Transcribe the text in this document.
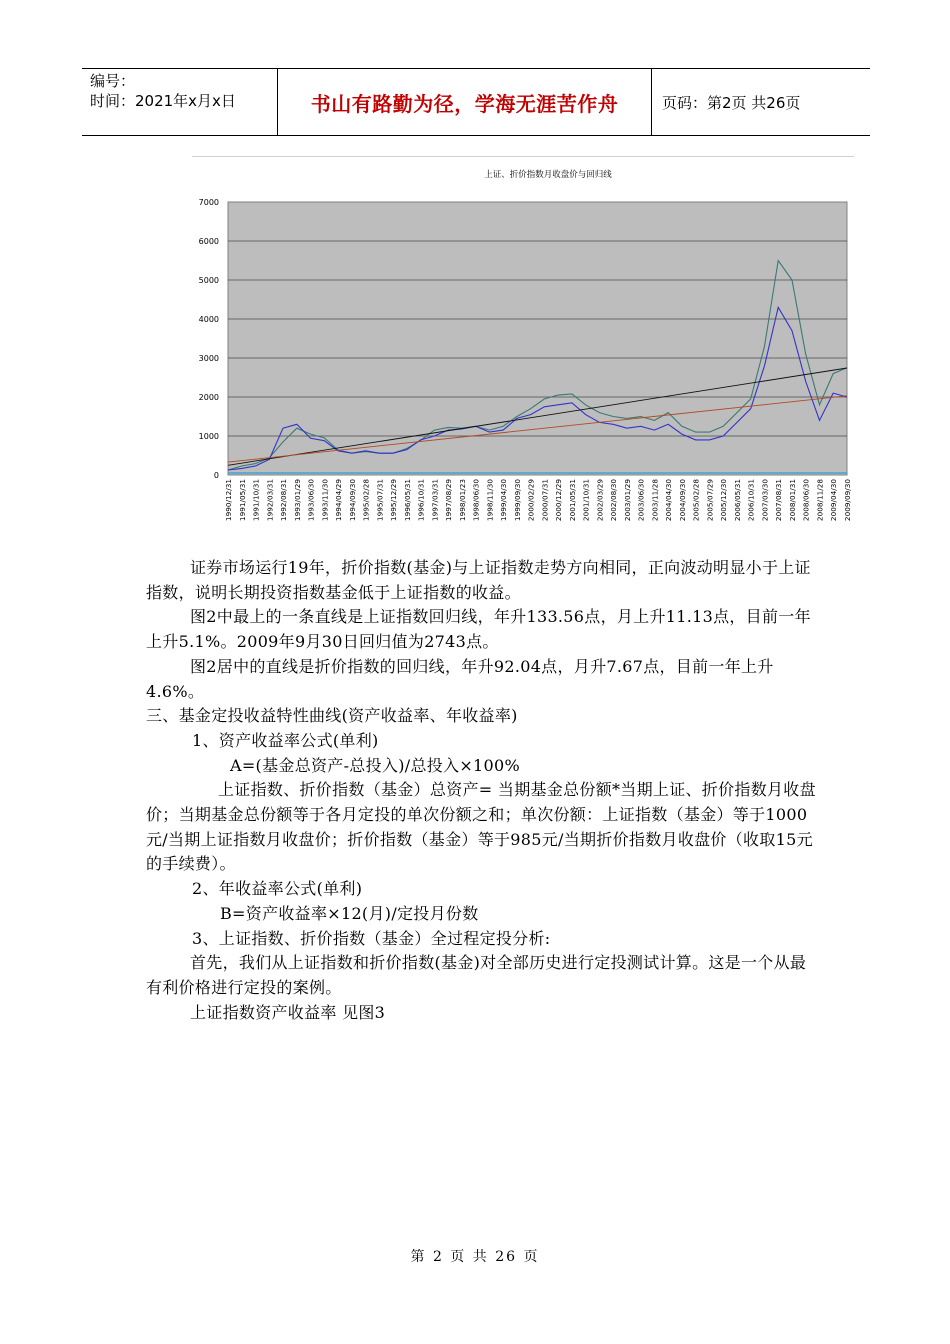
编号：
时间：2021年x月x日	书山有路勤为径，学海无涯苦作舟	页码：第2页 共26页
上证、折价指数月收盘价与回归线
0
1000
2000
3000
4000
5000
6000
7000
1990/12/31 1991/05/31 1991/10/31 1992/03/31 1992/08/31 1993/01/29 1993/06/30 1993/11/30 1994/04/29 1994/09/30 1995/02/28 1995/07/31 1995/12/29 1996/05/31 1996/10/31 1997/03/31 1997/08/29 1998/01/23 1998/06/30 1998/11/30 1999/04/30 1999/09/30 2000/02/29 2000/07/31 2000/12/29 2001/05/31 2001/10/31 2002/03/29 2002/08/30 2003/01/29 2003/06/30 2003/11/28 2004/04/30 2004/09/30 2005/02/28 2005/07/29 2005/12/30 2006/05/31 2006/10/31 2007/03/30 2007/08/31 2008/01/31 2008/06/30 2008/11/28 2009/04/30 2009/09/30

证券市场运行19年，折价指数(基金)与上证指数走势方向相同，正向波动明显小于上证指数，说明长期投资指数基金低于上证指数的收益。

图2中最上的一条直线是上证指数回归线，年升133.56点，月上升11.13点，目前一年上升5.1%。2009年9月30日回归值为2743点。

图2居中的直线是折价指数的回归线，年升92.04点，月升7.67点，目前一年上升4.6%。

三、基金定投收益特性曲线(资产收益率、年收益率)

1、资产收益率公式(单利)

A=(基金总资产-总投入)/总投入×100%

上证指数、折价指数（基金）总资产= 当期基金总份额*当期上证、折价指数月收盘价；当期基金总份额等于各月定投的单次份额之和；单次份额：上证指数（基金）等于1000元/当期上证指数月收盘价；折价指数（基金）等于985元/当期折价指数月收盘价（收取15元的手续费）。

2、年收益率公式(单利)

B=资产收益率×12(月)/定投月份数

3、上证指数、折价指数（基金）全过程定投分析:

首先，我们从上证指数和折价指数(基金)对全部历史进行定投测试计算。这是一个从最有利价格进行定投的案例。

上证指数资产收益率 见图3

第 2 页 共 26 页
